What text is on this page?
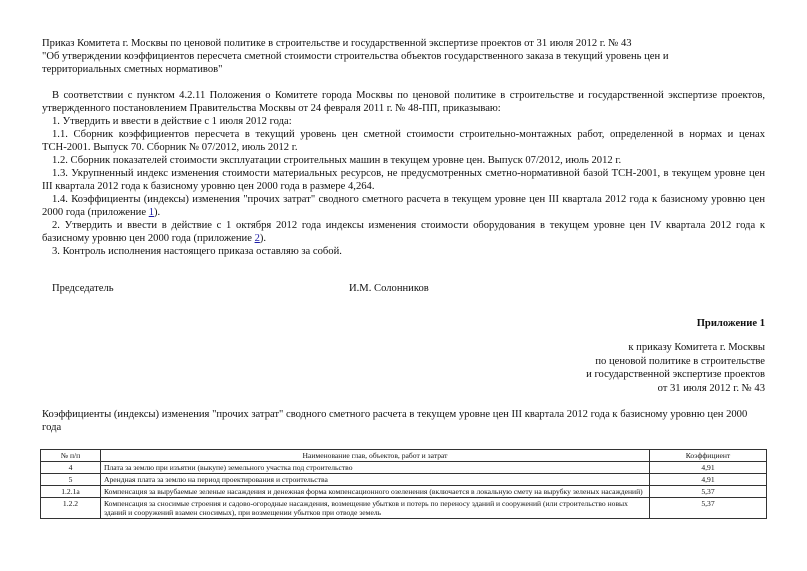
Приказ Комитета г. Москвы по ценовой политике в строительстве и государственной экспертизе проектов от 31 июля 2012 г. № 43
"Об утверждении коэффициентов пересчета сметной стоимости строительства объектов государственного заказа в текущий уровень цен и
территориальных сметных нормативов"

В соответствии с пунктом 4.2.11 Положения о Комитете города Москвы по ценовой политике в строительстве и государственной экспертизе проектов, утвержденного постановлением Правительства Москвы от 24 февраля 2011 г. № 48-ПП, приказываю:

1. Утвердить и ввести в действие с 1 июля 2012 года:

1.1. Сборник коэффициентов пересчета в текущий уровень цен сметной стоимости строительно-монтажных работ, определенной в нормах и ценах ТСН-2001. Выпуск 70. Сборник № 07/2012, июль 2012 г.

1.2. Сборник показателей стоимости эксплуатации строительных машин в текущем уровне цен. Выпуск 07/2012, июль 2012 г.

1.3. Укрупненный индекс изменения стоимости материальных ресурсов, не предусмотренных сметно-нормативной базой ТСН-2001, в текущем уровне цен III квартала 2012 года к базисному уровню цен 2000 года в размере 4,264.

1.4. Коэффициенты (индексы) изменения "прочих затрат" сводного сметного расчета в текущем уровне цен III квартала 2012 года к базисному уровню цен 2000 года (приложение 1).

2. Утвердить и ввести в действие с 1 октября 2012 года индексы изменения стоимости оборудования в текущем уровне цен IV квартала 2012 года к базисному уровню цен 2000 года (приложение 2).

3. Контроль исполнения настоящего приказа оставляю за собой.

Председатель	И.М. Солонников
Приложение 1
к приказу Комитета г. Москвы
по ценовой политике в строительстве
и государственной экспертизе проектов
от 31 июля 2012 г. № 43
Коэффициенты (индексы) изменения "прочих затрат" сводного сметного расчета в текущем уровне цен III квартала 2012 года к базисному уровню цен 2000 года
№ п/п	Наименование глав, объектов, работ и затрат	Коэффициент
4	Плата за землю при изъятии (выкупе) земельного участка под строительство	4,91
5	Арендная плата за землю на период проектирования и строительства	4,91
1.2.1а	Компенсация за вырубаемые зеленые насаждения и денежная форма компенсационного озеленения (включается в локальную смету на вырубку зеленых насаждений)	5,37
1.2.2	Компенсация за сносимые строения и садово-огородные насаждения, возмещение убытков и потерь по переносу зданий и сооружений (или строительство новых зданий и сооружений взамен сносимых), при возмещении убытков при отводе земель	5,37
